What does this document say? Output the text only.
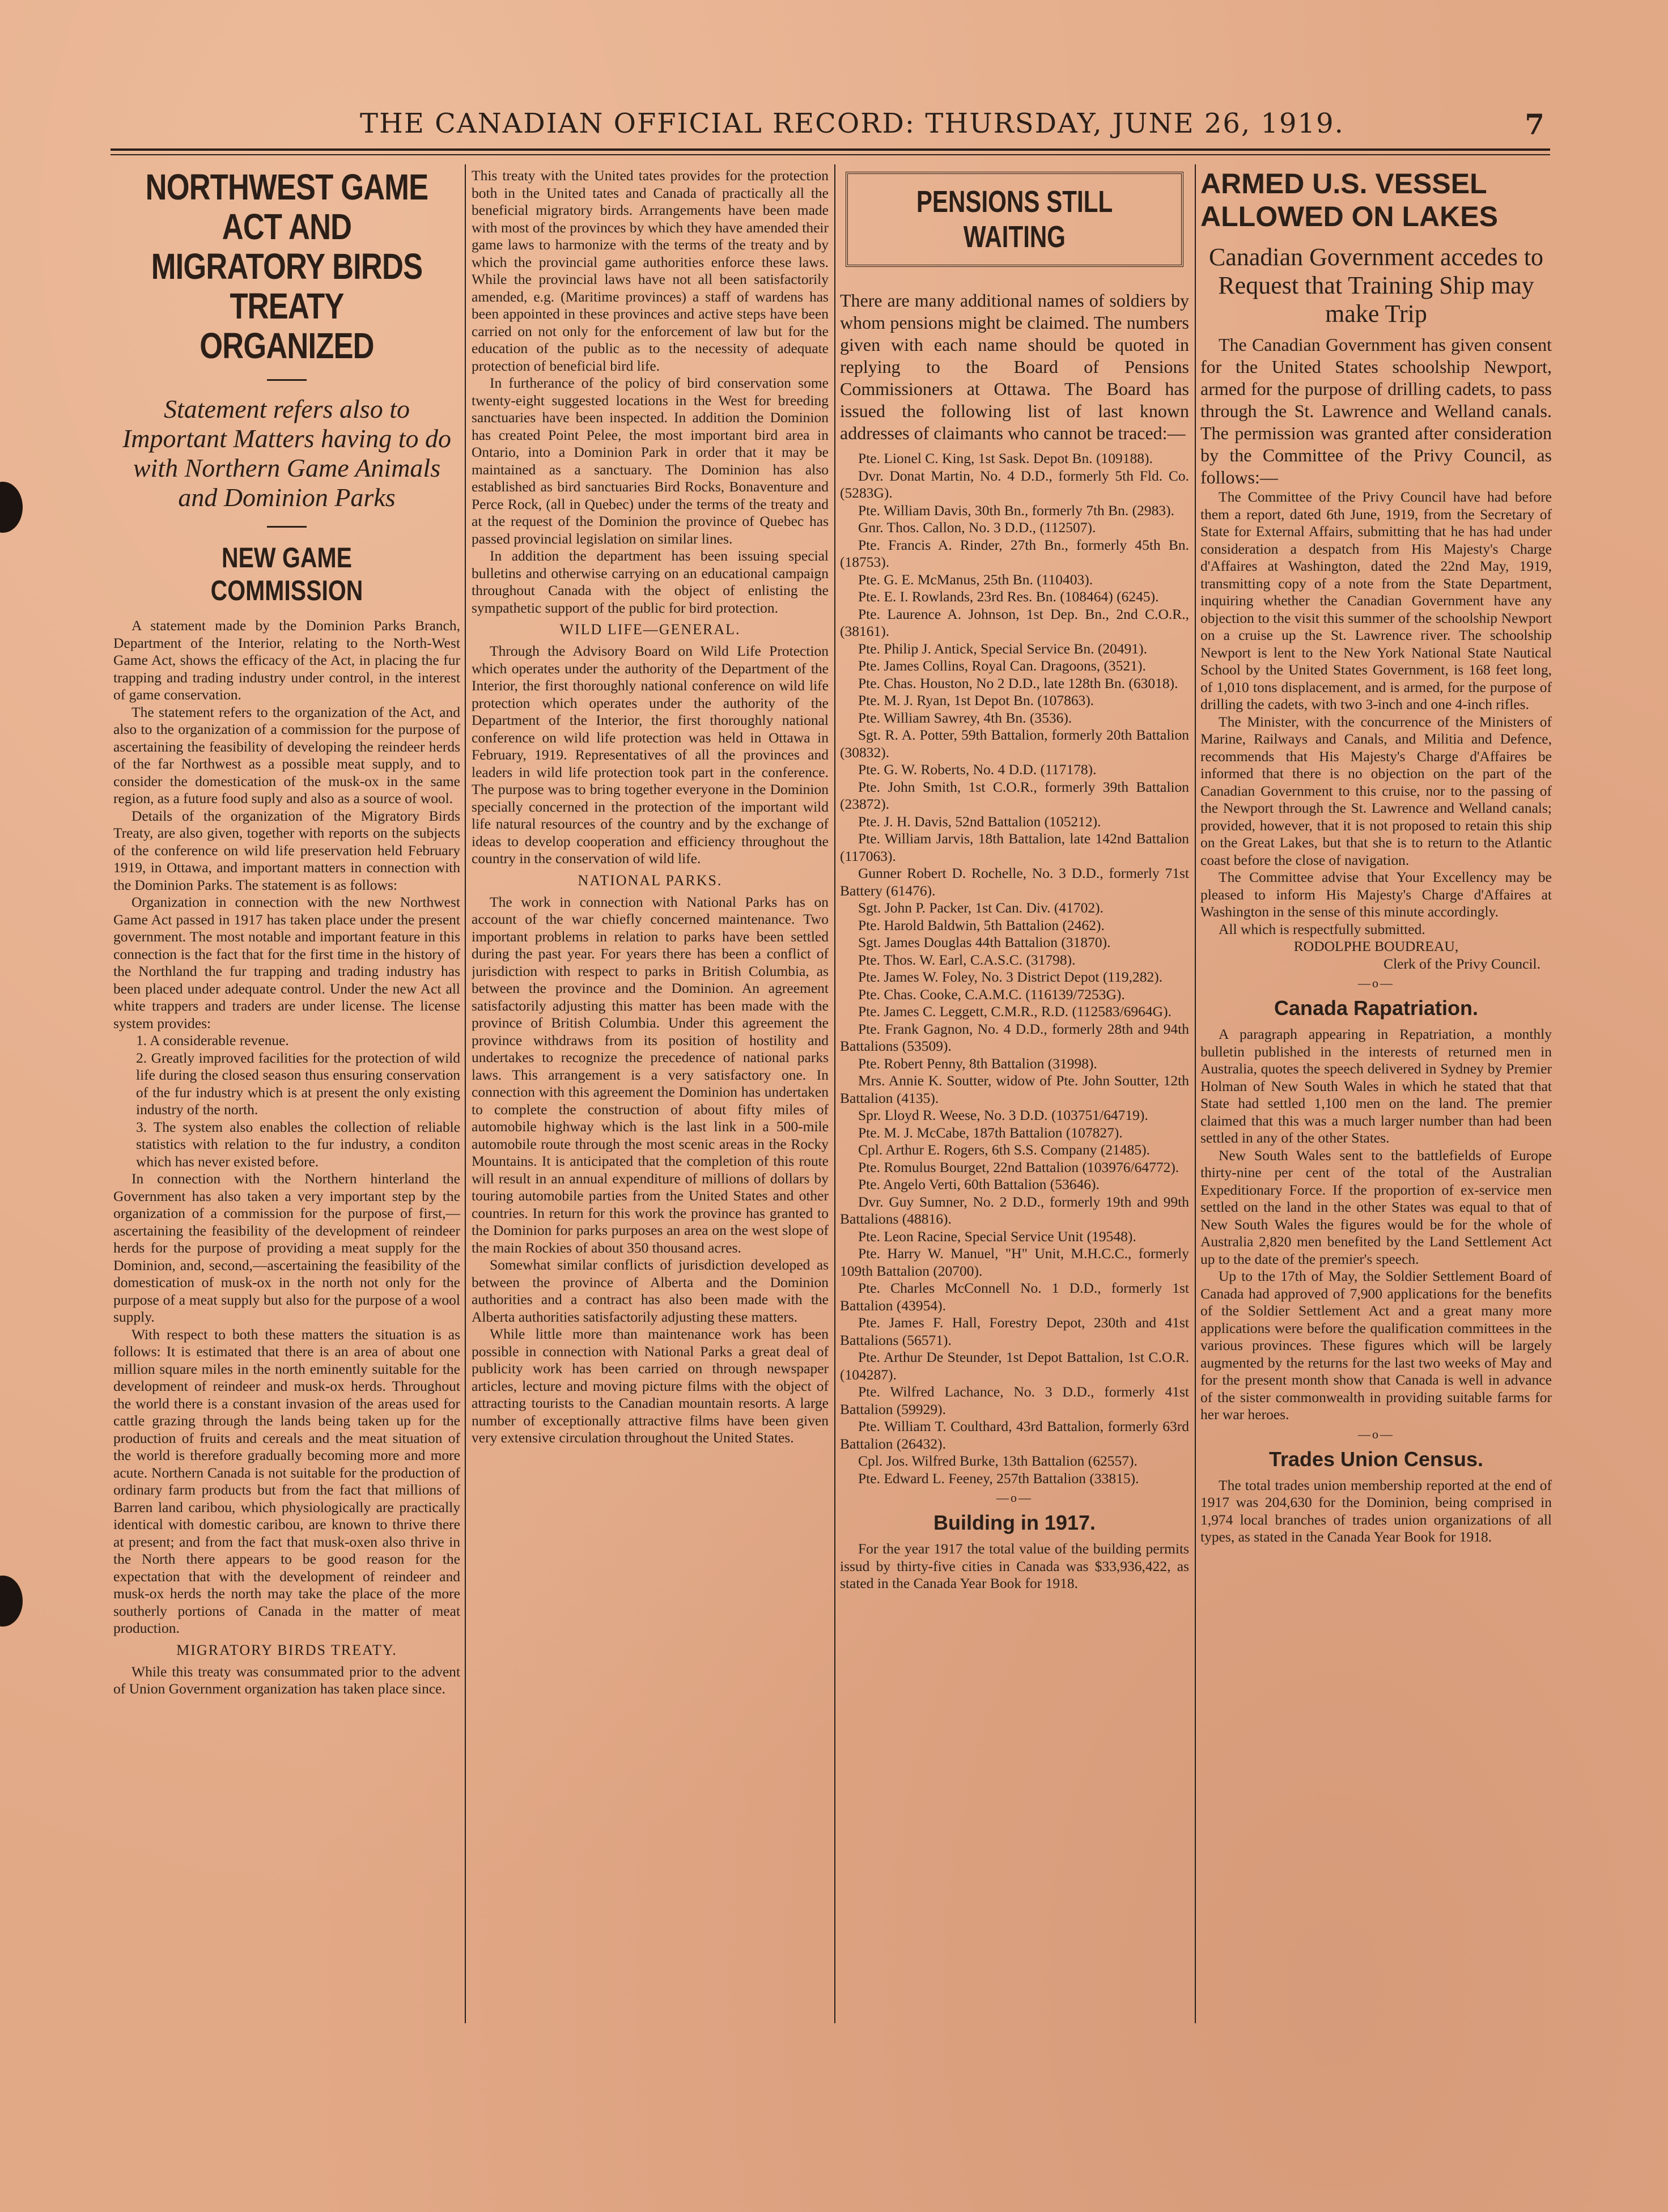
THE CANADIAN OFFICIAL RECORD: THURSDAY, JUNE 26, 1919.	7
NORTHWEST GAME ACT AND MIGRATORY BIRDS TREATY ORGANIZED
Statement refers also to Important Matters having to do with Northern Game Animals and Dominion Parks
NEW GAME COMMISSION

A statement made by the Dominion Parks Branch, Department of the Interior, relating to the North-West Game Act, shows the efficacy of the Act, in placing the fur trapping and trading industry under control, in the interest of game conservation.

The statement refers to the organization of the Act, and also to the organization of a commission for the purpose of ascertaining the feasibility of developing the reindeer herds of the far Northwest as a possible meat supply, and to consider the domestication of the musk-ox in the same region, as a future food suply and also as a source of wool.

Details of the organization of the Migratory Birds Treaty, are also given, together with reports on the subjects of the conference on wild life preservation held February 1919, in Ottawa, and important matters in connection with the Dominion Parks. The statement is as follows:

Organization in connection with the new Northwest Game Act passed in 1917 has taken place under the present government. The most notable and important feature in this connection is the fact that for the first time in the history of the Northland the fur trapping and trading industry has been placed under adequate control. Under the new Act all white trappers and traders are under license. The license system provides:

1. A considerable revenue.

2. Greatly improved facilities for the protection of wild life during the closed season thus ensuring conservation of the fur industry which is at present the only existing industry of the north.

3. The system also enables the collection of reliable statistics with relation to the fur industry, a conditon which has never existed before.

In connection with the Northern hinterland the Government has also taken a very important step by the organization of a commission for the purpose of first,—ascertaining the feasibility of the development of reindeer herds for the purpose of providing a meat supply for the Dominion, and, second,—ascertaining the feasibility of the domestication of musk-ox in the north not only for the purpose of a meat supply but also for the purpose of a wool supply.

With respect to both these matters the situation is as follows: It is estimated that there is an area of about one million square miles in the north eminently suitable for the development of reindeer and musk-ox herds. Throughout the world there is a constant invasion of the areas used for cattle grazing through the lands being taken up for the production of fruits and cereals and the meat situation of the world is therefore gradually becoming more and more acute. Northern Canada is not suitable for the production of ordinary farm products but from the fact that millions of Barren land caribou, which physiologically are practically identical with domestic caribou, are known to thrive there at present; and from the fact that musk-oxen also thrive in the North there appears to be good reason for the expectation that with the development of reindeer and musk-ox herds the north may take the place of the more southerly portions of Canada in the matter of meat production.

MIGRATORY BIRDS TREATY.

While this treaty was consummated prior to the advent of Union Government organization has taken place since.

This treaty with the United tates provides for the protection both in the United tates and Canada of practically all the beneficial migratory birds. Arrangements have been made with most of the provinces by which they have amended their game laws to harmonize with the terms of the treaty and by which the provincial game authorities enforce these laws. While the provincial laws have not all been satisfactorily amended, e.g. (Maritime provinces) a staff of wardens has been appointed in these provinces and active steps have been carried on not only for the enforcement of law but for the education of the public as to the necessity of adequate protection of beneficial bird life.

In furtherance of the policy of bird conservation some twenty-eight suggested locations in the West for breeding sanctuaries have been inspected. In addition the Dominion has created Point Pelee, the most important bird area in Ontario, into a Dominion Park in order that it may be maintained as a sanctuary. The Dominion has also established as bird sanctuaries Bird Rocks, Bonaventure and Perce Rock, (all in Quebec) under the terms of the treaty and at the request of the Dominion the province of Quebec has passed provincial legislation on similar lines.

In addition the department has been issuing special bulletins and otherwise carrying on an educational campaign throughout Canada with the object of enlisting the sympathetic support of the public for bird protection.

WILD LIFE—GENERAL.

Through the Advisory Board on Wild Life Protection which operates under the authority of the Department of the Interior, the first thoroughly national conference on wild life protection which operates under the authority of the Department of the Interior, the first thoroughly national conference on wild life protection was held in Ottawa in February, 1919. Representatives of all the provinces and leaders in wild life protection took part in the conference. The purpose was to bring together everyone in the Dominion specially concerned in the protection of the important wild life natural resources of the country and by the exchange of ideas to develop cooperation and efficiency throughout the country in the conservation of wild life.

NATIONAL PARKS.

The work in connection with National Parks has on account of the war chiefly concerned maintenance. Two important problems in relation to parks have been settled during the past year. For years there has been a conflict of jurisdiction with respect to parks in British Columbia, as between the province and the Dominion. An agreement satisfactorily adjusting this matter has been made with the province of British Columbia. Under this agreement the province withdraws from its position of hostility and undertakes to recognize the precedence of national parks laws. This arrangement is a very satisfactory one. In connection with this agreement the Dominion has undertaken to complete the construction of about fifty miles of automobile highway which is the last link in a 500-mile automobile route through the most scenic areas in the Rocky Mountains. It is anticipated that the completion of this route will result in an annual expenditure of millions of dollars by touring automobile parties from the United States and other countries. In return for this work the province has granted to the Dominion for parks purposes an area on the west slope of the main Rockies of about 350 thousand acres.

Somewhat similar conflicts of jurisdiction developed as between the province of Alberta and the Dominion authorities and a contract has also been made with the Alberta authorities satisfactorily adjusting these matters.

While little more than maintenance work has been possible in connection with National Parks a great deal of publicity work has been carried on through newspaper articles, lecture and moving picture films with the object of attracting tourists to the Canadian mountain resorts. A large number of exceptionally attractive films have been given very extensive circulation throughout the United States.

PENSIONS STILL WAITING

There are many additional names of soldiers by whom pensions might be claimed. The numbers given with each name should be quoted in replying to the Board of Pensions Commissioners at Ottawa. The Board has issued the following list of last known addresses of claimants who cannot be traced:—

Pte. Lionel C. King, 1st Sask. Depot Bn. (109188).

Dvr. Donat Martin, No. 4 D.D., formerly 5th Fld. Co. (5283G).

Pte. William Davis, 30th Bn., formerly 7th Bn. (2983).

Gnr. Thos. Callon, No. 3 D.D., (112507).

Pte. Francis A. Rinder, 27th Bn., formerly 45th Bn. (18753).

Pte. G. E. McManus, 25th Bn. (110403).

Pte. E. I. Rowlands, 23rd Res. Bn. (108464) (6245).

Pte. Laurence A. Johnson, 1st Dep. Bn., 2nd C.O.R., (38161).

Pte. Philip J. Antick, Special Service Bn. (20491).

Pte. James Collins, Royal Can. Dragoons, (3521).

Pte. Chas. Houston, No 2 D.D., late 128th Bn. (63018).

Pte. M. J. Ryan, 1st Depot Bn. (107863).

Pte. William Sawrey, 4th Bn. (3536).

Sgt. R. A. Potter, 59th Battalion, formerly 20th Battalion (30832).

Pte. G. W. Roberts, No. 4 D.D. (117178).

Pte. John Smith, 1st C.O.R., formerly 39th Battalion (23872).

Pte. J. H. Davis, 52nd Battalion (105212).

Pte. William Jarvis, 18th Battalion, late 142nd Battalion (117063).

Gunner Robert D. Rochelle, No. 3 D.D., formerly 71st Battery (61476).

Sgt. John P. Packer, 1st Can. Div. (41702).

Pte. Harold Baldwin, 5th Battalion (2462).

Sgt. James Douglas 44th Battalion (31870).

Pte. Thos. W. Earl, C.A.S.C. (31798).

Pte. James W. Foley, No. 3 District Depot (119,282).

Pte. Chas. Cooke, C.A.M.C. (116139/7253G).

Pte. James C. Leggett, C.M.R., R.D. (112583/6964G).

Pte. Frank Gagnon, No. 4 D.D., formerly 28th and 94th Battalions (53509).

Pte. Robert Penny, 8th Battalion (31998).

Mrs. Annie K. Soutter, widow of Pte. John Soutter, 12th Battalion (4135).

Spr. Lloyd R. Weese, No. 3 D.D. (103751/64719).

Pte. M. J. McCabe, 187th Battalion (107827).

Cpl. Arthur E. Rogers, 6th S.S. Company (21485).

Pte. Romulus Bourget, 22nd Battalion (103976/64772).

Pte. Angelo Verti, 60th Battalion (53646).

Dvr. Guy Sumner, No. 2 D.D., formerly 19th and 99th Battalions (48816).

Pte. Leon Racine, Special Service Unit (19548).

Pte. Harry W. Manuel, "H" Unit, M.H.C.C., formerly 109th Battalion (20700).

Pte. Charles McConnell No. 1 D.D., formerly 1st Battalion (43954).

Pte. James F. Hall, Forestry Depot, 230th and 41st Battalions (56571).

Pte. Arthur De Steunder, 1st Depot Battalion, 1st C.O.R. (104287).

Pte. Wilfred Lachance, No. 3 D.D., formerly 41st Battalion (59929).

Pte. William T. Coulthard, 43rd Battalion, formerly 63rd Battalion (26432).

Cpl. Jos. Wilfred Burke, 13th Battalion (62557).

Pte. Edward L. Feeney, 257th Battalion (33815).

—o—
Building in 1917.

For the year 1917 the total value of the building permits issud by thirty-five cities in Canada was $33,936,422, as stated in the Canada Year Book for 1918.

ARMED U.S. VESSEL ALLOWED ON LAKES
Canadian Government accedes to Request that Training Ship may make Trip

The Canadian Government has given consent for the United States schoolship Newport, armed for the purpose of drilling cadets, to pass through the St. Lawrence and Welland canals. The permission was granted after consideration by the Committee of the Privy Council, as follows:—

The Committee of the Privy Council have had before them a report, dated 6th June, 1919, from the Secretary of State for External Affairs, submitting that he has had under consideration a despatch from His Majesty's Charge d'Affaires at Washington, dated the 22nd May, 1919, transmitting copy of a note from the State Department, inquiring whether the Canadian Government have any objection to the visit this summer of the schoolship Newport on a cruise up the St. Lawrence river. The schoolship Newport is lent to the New York National State Nautical School by the United States Government, is 168 feet long, of 1,010 tons displacement, and is armed, for the purpose of drilling the cadets, with two 3-inch and one 4-inch rifles.

The Minister, with the concurrence of the Ministers of Marine, Railways and Canals, and Militia and Defence, recommends that His Majesty's Charge d'Affaires be informed that there is no objection on the part of the Canadian Government to this cruise, nor to the passing of the Newport through the St. Lawrence and Welland canals; provided, however, that it is not proposed to retain this ship on the Great Lakes, but that she is to return to the Atlantic coast before the close of navigation.

The Committee advise that Your Excellency may be pleased to inform His Majesty's Charge d'Affaires at Washington in the sense of this minute accordingly.

All which is respectfully submitted.

RODOLPHE BOUDREAU,

Clerk of the Privy Council.

—o—
Canada Rapatriation.

A paragraph appearing in Repatriation, a monthly bulletin published in the interests of returned men in Australia, quotes the speech delivered in Sydney by Premier Holman of New South Wales in which he stated that that State had settled 1,100 men on the land. The premier claimed that this was a much larger number than had been settled in any of the other States.

New South Wales sent to the battlefields of Europe thirty-nine per cent of the total of the Australian Expeditionary Force. If the proportion of ex-service men settled on the land in the other States was equal to that of New South Wales the figures would be for the whole of Australia 2,820 men benefited by the Land Settlement Act up to the date of the premier's speech.

Up to the 17th of May, the Soldier Settlement Board of Canada had approved of 7,900 applications for the benefits of the Soldier Settlement Act and a great many more applications were before the qualification committees in the various provinces. These figures which will be largely augmented by the returns for the last two weeks of May and for the present month show that Canada is well in advance of the sister commonwealth in providing suitable farms for her war heroes.

—o—
Trades Union Census.

The total trades union membership reported at the end of 1917 was 204,630 for the Dominion, being comprised in 1,974 local branches of trades union organizations of all types, as stated in the Canada Year Book for 1918.
